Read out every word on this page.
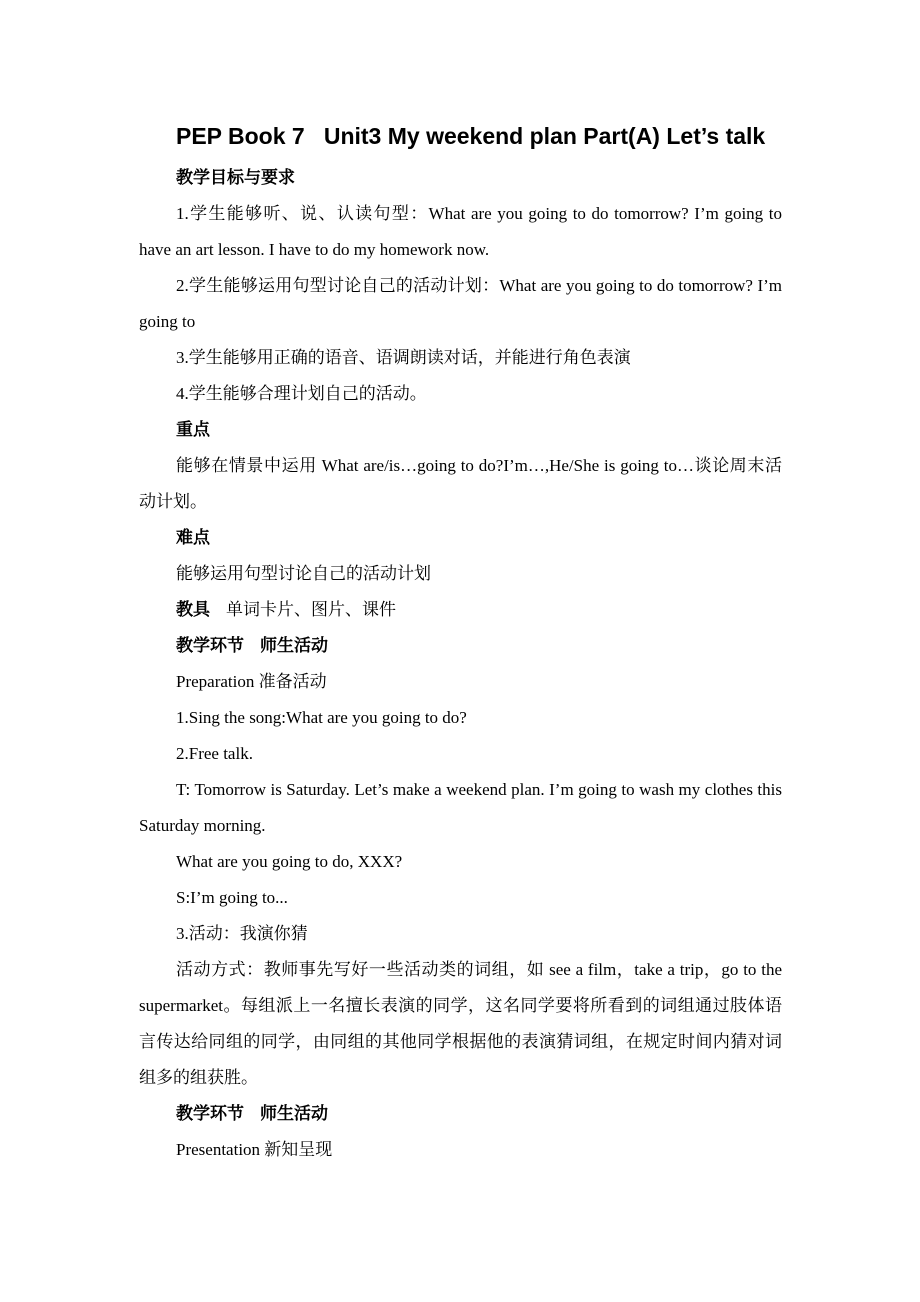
PEP Book 7   Unit3 My weekend plan Part(A) Let’s talk
教学目标与要求
1.学生能够听、说、认读句型：What are you going to do tomorrow? I’m going to have an art lesson. I have to do my homework now.
2.学生能够运用句型讨论自己的活动计划：What are you going to do tomorrow? I’m going to
3.学生能够用正确的语音、语调朗读对话，并能进行角色表演
4.学生能够合理计划自己的活动。
重点
能够在情景中运用 What are/is…going to do?I’m…,He/She is going to…谈论周末活动计划。
难点
能够运用句型讨论自己的活动计划
教具 单词卡片、图片、课件
教学环节 师生活动
Preparation 准备活动
1.Sing the song:What are you going to do?
2.Free talk.
T: Tomorrow is Saturday. Let’s make a weekend plan. I’m going to wash my clothes this Saturday morning.
What are you going to do, XXX?
S:I’m going to...
3.活动：我演你猜
活动方式：教师事先写好一些活动类的词组，如 see a film，take a trip，go to the supermarket。每组派上一名擅长表演的同学，这名同学要将所看到的词组通过肢体语言传达给同组的同学，由同组的其他同学根据他的表演猜词组，在规定时间内猜对词组多的组获胜。
教学环节 师生活动
Presentation 新知呈现
